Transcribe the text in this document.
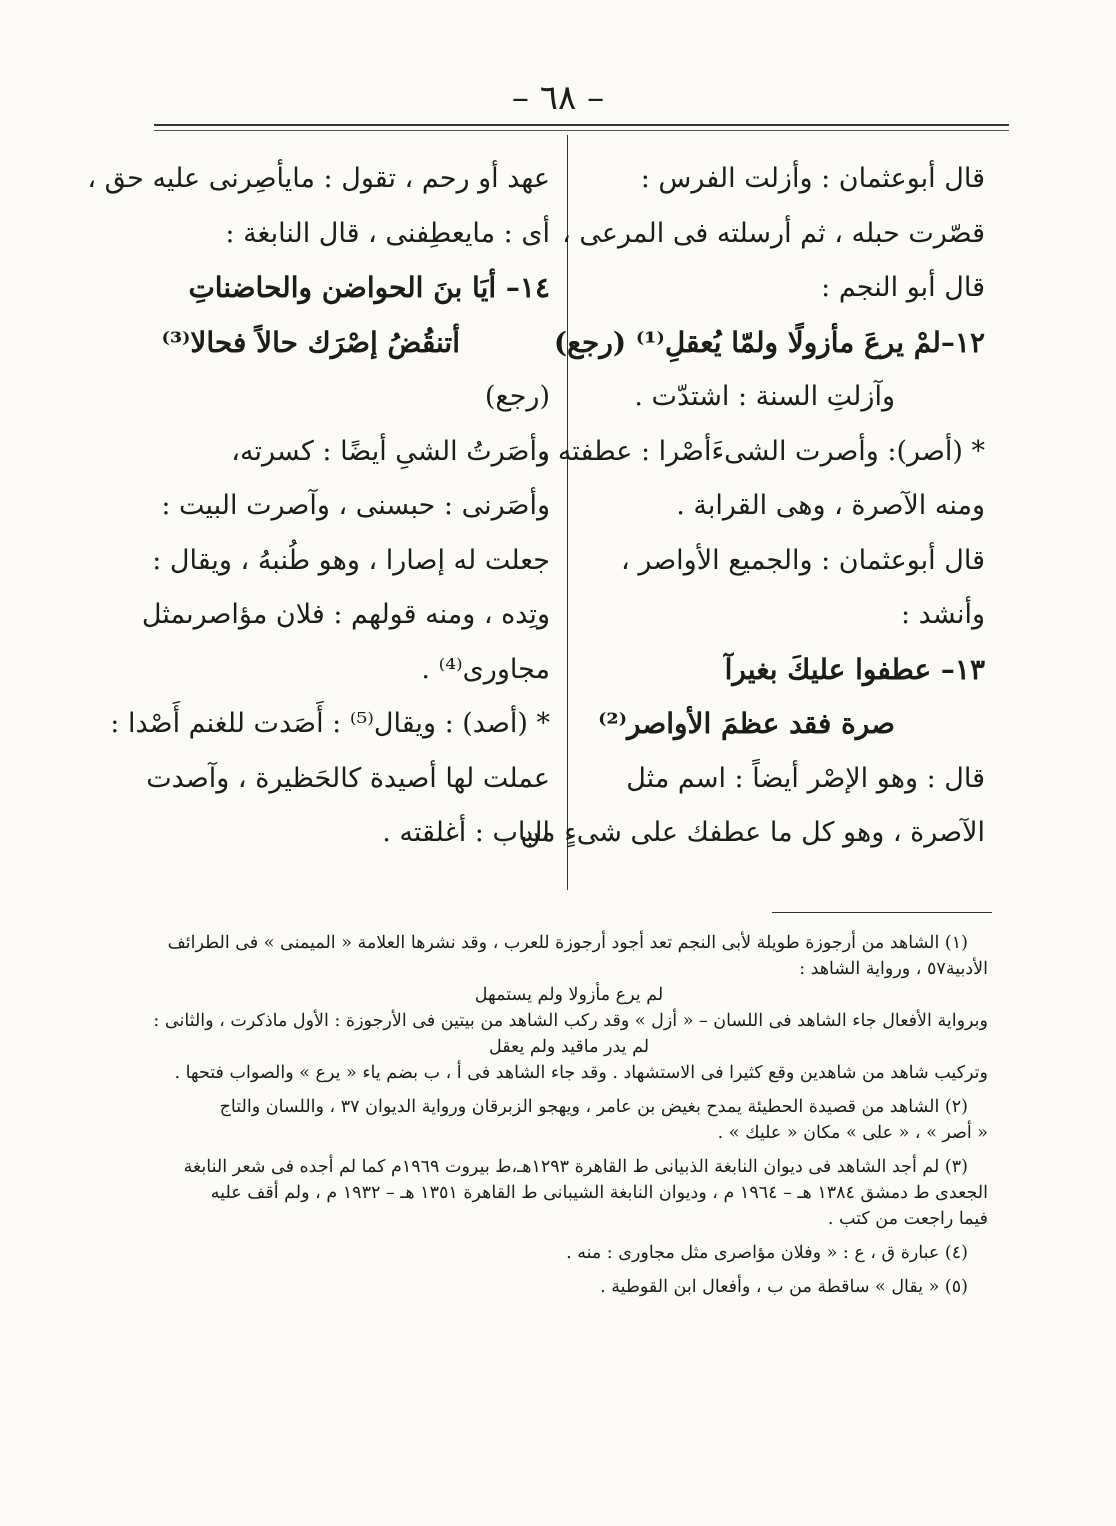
– ٦٨ –
قال أبوعثمان : وأزلت الفرس :
قصّرت حبله ، ثم أرسلته فى المرعى ،
قال أبو النجم :
١٢–لمْ يرعَ مأزولًا ولمّا يُعقلِ⁽¹⁾ (رجع)
وآزلتِ السنة : اشتدّت .
* (أصر): وأصرت الشىءَأصْرا : عطفته ،
ومنه الآصرة ، وهى القرابة .
قال أبوعثمان : والجميع الأواصر ،
وأنشد :
١٣– عطفوا عليكَ بغيرآ
صرة فقد عظمَ الأواصر⁽²⁾
قال : وهو الإصْر أيضاً : اسم مثل
الآصرة ، وهو كل ما عطفك على شىءٍ من
عهد أو رحم ، تقول : مايأصِرنى عليه حق ،
أى : مايعطِفنى ، قال النابغة :
١٤– أيَا بنَ الحواضن والحاضناتِ
أتنقُضُ إصْرَك حالاً فحالا⁽³⁾
(رجع)
وأصَرتُ الشىِ أيضًا : كسرته،
وأصَرنى : حبسنى ، وآصرت البيت :
جعلت له إصارا ، وهو طُنبهُ ، ويقال :
وتِده ، ومنه قولهم : فلان مؤاصرىمثل
مجاورى⁽⁴⁾ .
* (أصد) : ويقال⁽⁵⁾ : أَصَدت للغنم أَصْدا :
عملت لها أصيدة كالحَظيرة ، وآصدت
الباب : أغلقته .
(١) الشاهد من أرجوزة طويلة لأبى النجم تعد أجود أرجوزة للعرب ، وقد نشرها العلامة « الميمنى » فى الطرائف
الأدبية٥٧ ، ورواية الشاهد :
لم يرع مأزولا ولم يستمهل
وبرواية الأفعال جاء الشاهد فى اللسان – « أزل » وقد ركب الشاهد من بيتين فى الأرجوزة : الأول ماذكرت ، والثانى :
لم يدر ماقيد ولم يعقل
وتركيب شاهد من شاهدين وقع كثيرا فى الاستشهاد . وقد جاء الشاهد فى أ ، ب بضم ياء « يرع » والصواب فتحها .
(٢) الشاهد من قصيدة الحطيئة يمدح بغيض بن عامر ، ويهجو الزبرقان ورواية الديوان ٣٧ ، واللسان والتاج
« أصر » ، « على » مكان « عليك » .
(٣) لم أجد الشاهد فى ديوان النابغة الذبيانى ط القاهرة ١٢٩٣هـ،ط بيروت ١٩٦٩م كما لم أجده فى شعر النابغة
الجعدى ط دمشق ١٣٨٤ هـ – ١٩٦٤ م ، وديوان النابغة الشيبانى ط القاهرة ١٣٥١ هـ – ١٩٣٢ م ، ولم أقف عليه
فيما راجعت من كتب .
(٤) عبارة ق ، ع : « وفلان مؤاصرى مثل مجاورى : منه .
(٥) « يقال » ساقطة من ب ، وأفعال ابن القوطية .
